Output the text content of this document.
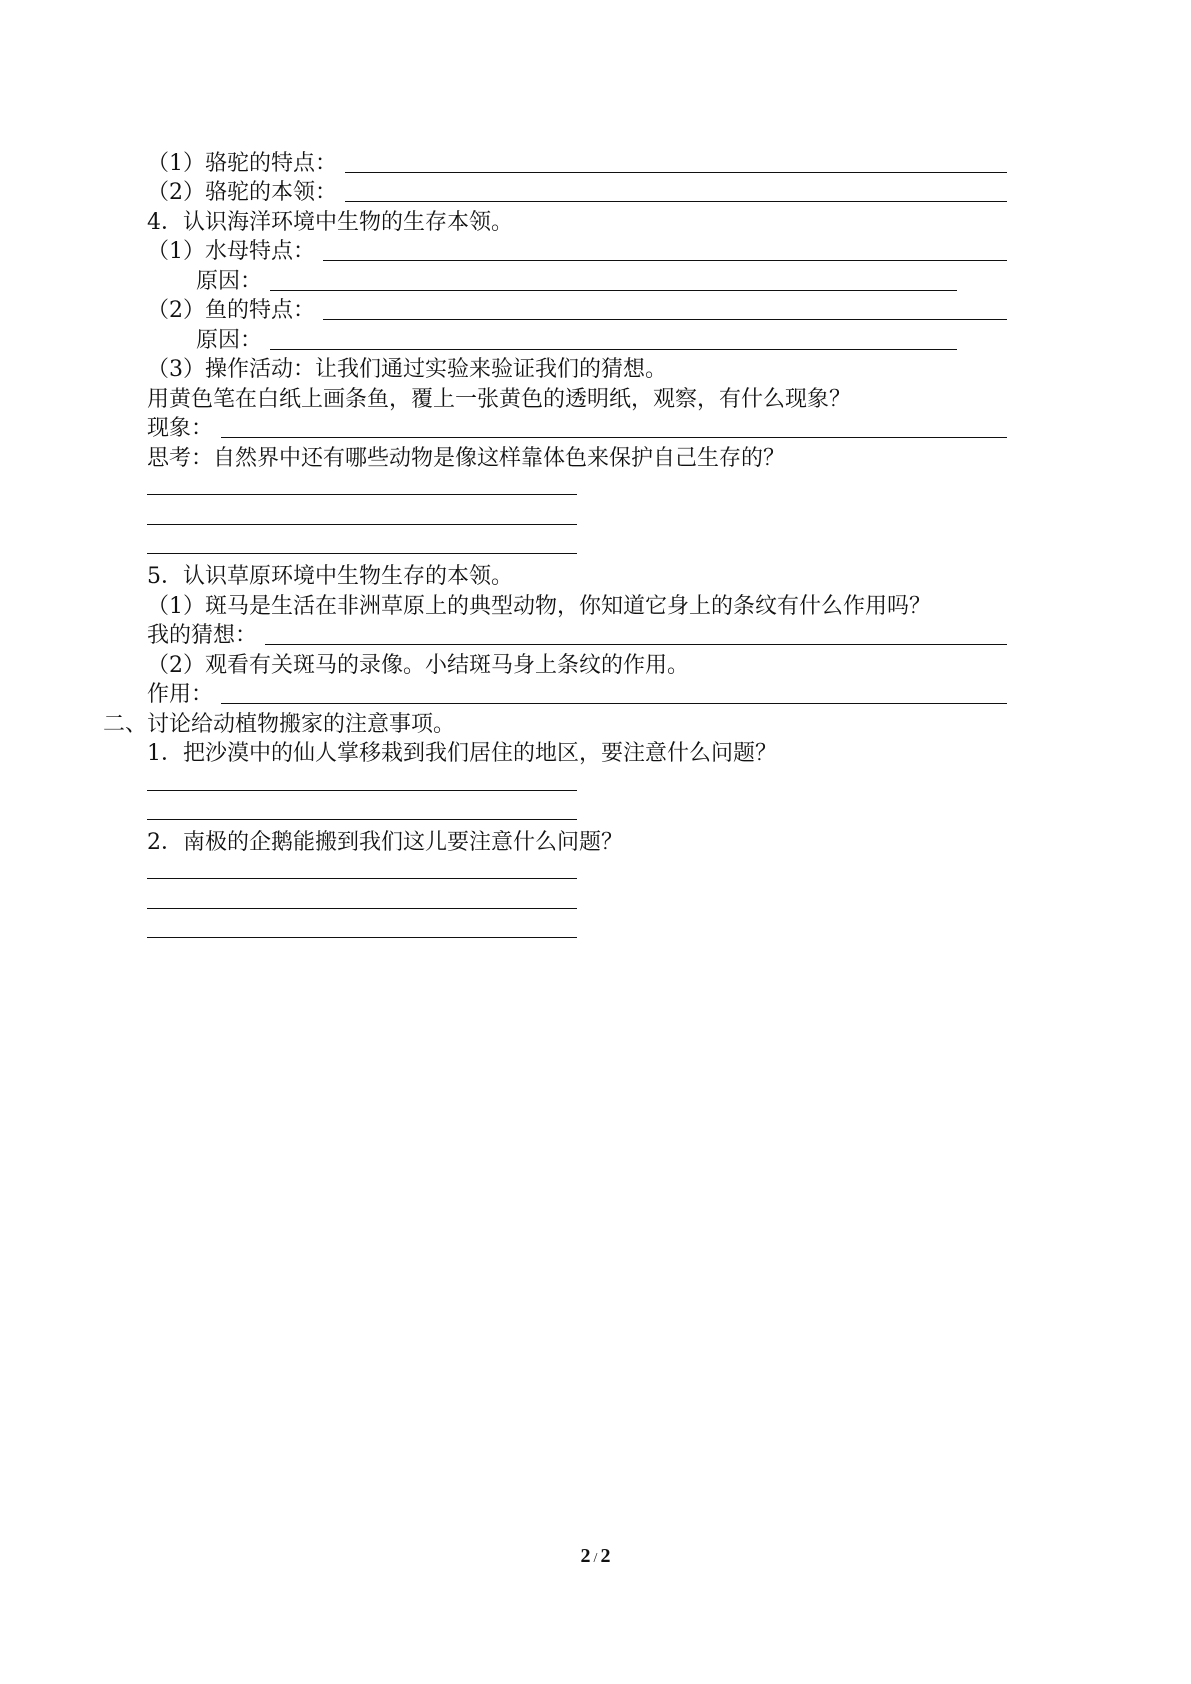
（1）骆驼的特点：
（2）骆驼的本领：
4．认识海洋环境中生物的生存本领。
（1）水母特点：
原因：
（2）鱼的特点：
原因：
（3）操作活动：让我们通过实验来验证我们的猜想。
用黄色笔在白纸上画条鱼，覆上一张黄色的透明纸，观察，有什么现象？
现象：
思考：自然界中还有哪些动物是像这样靠体色来保护自己生存的？
5．认识草原环境中生物生存的本领。
（1）斑马是生活在非洲草原上的典型动物，你知道它身上的条纹有什么作用吗？
我的猜想：
（2）观看有关斑马的录像。小结斑马身上条纹的作用。
作用：
二、讨论给动植物搬家的注意事项。
1．把沙漠中的仙人掌移栽到我们居住的地区，要注意什么问题？
2．南极的企鹅能搬到我们这儿要注意什么问题？
2 / 2
